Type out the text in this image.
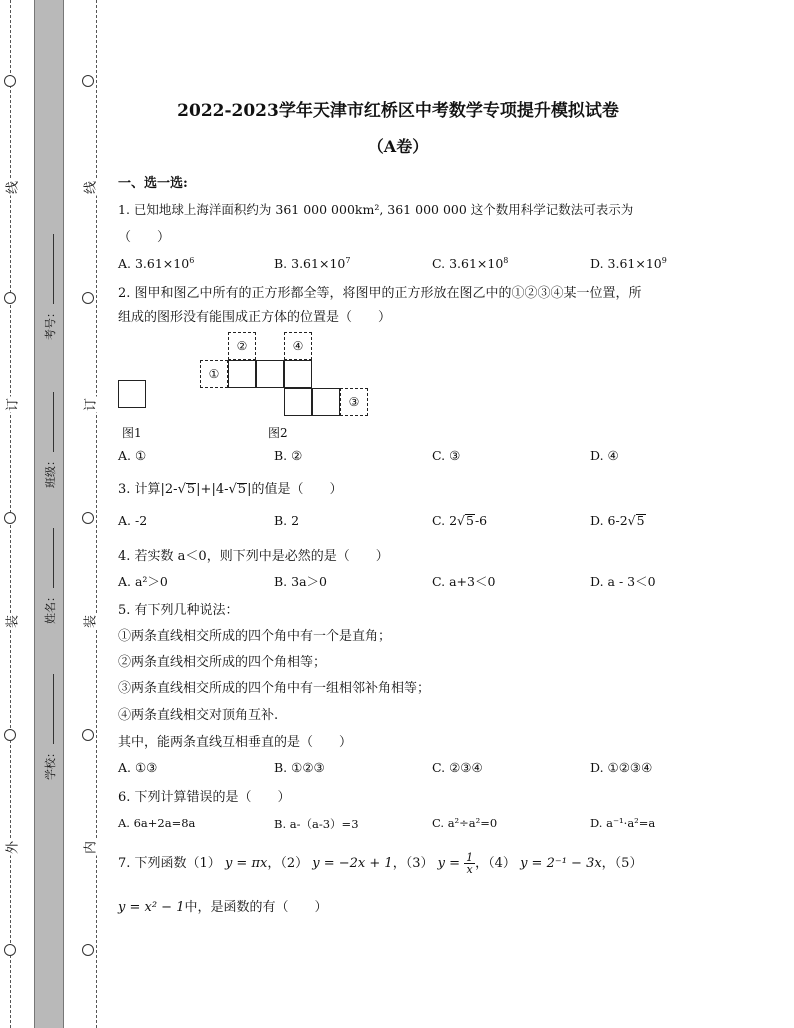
线
订
装
外
线
订
装
内
考号：
班级：
姓名：
学校：
2022-2023学年天津市红桥区中考数学专项提升模拟试卷
（A卷）
一、选一选:
1. 已知地球上海洋面积约为 361 000 000km², 361 000 000 这个数用科学记数法可表示为
（　　）
A. $3.61\times 10^6$	B. $3.61\times 10^7$	C. $3.61\times 10^8$	D. $3.61\times 10^9$
2. 图甲和图乙中所有的正方形都全等，将图甲的正方形放在图乙中的①②③④某一位置，所
组成的图形没有能围成正方体的位置是（　　）
图1
②	④
①
③
图2
A. ①	B. ②	C. ③	D. ④
3. 计算|2-√5|+|4-√5|的值是（　　）
A. -2	B. 2	C. 2√5-6	D. 6-2√5
4. 若实数 a＜0，则下列中是必然的是（　　）
A. a²＞0	B. 3a＞0	C. a+3＜0	D. a - 3＜0
5. 有下列几种说法：
①两条直线相交所成的四个角中有一个是直角；
②两条直线相交所成的四个角相等；
③两条直线相交所成的四个角中有一组相邻补角相等；
④两条直线相交对顶角互补.
其中，能两条直线互相垂直的是（　　）
A. ①③	B. ①②③	C. ②③④	D. ①②③④
6. 下列计算错误的是（　　）
A. 6a+2a=8a	B. a-（a-3）=3	C. a²÷a²=0	D. a⁻¹·a²=a
7. 下列函数（1） y = πx，（2） y = −2x + 1，（3） $y = \frac{1}{x}$ ，（4） y = 2⁻¹ − 3x，（5）
y = x² − 1中，是函数的有（　　）
